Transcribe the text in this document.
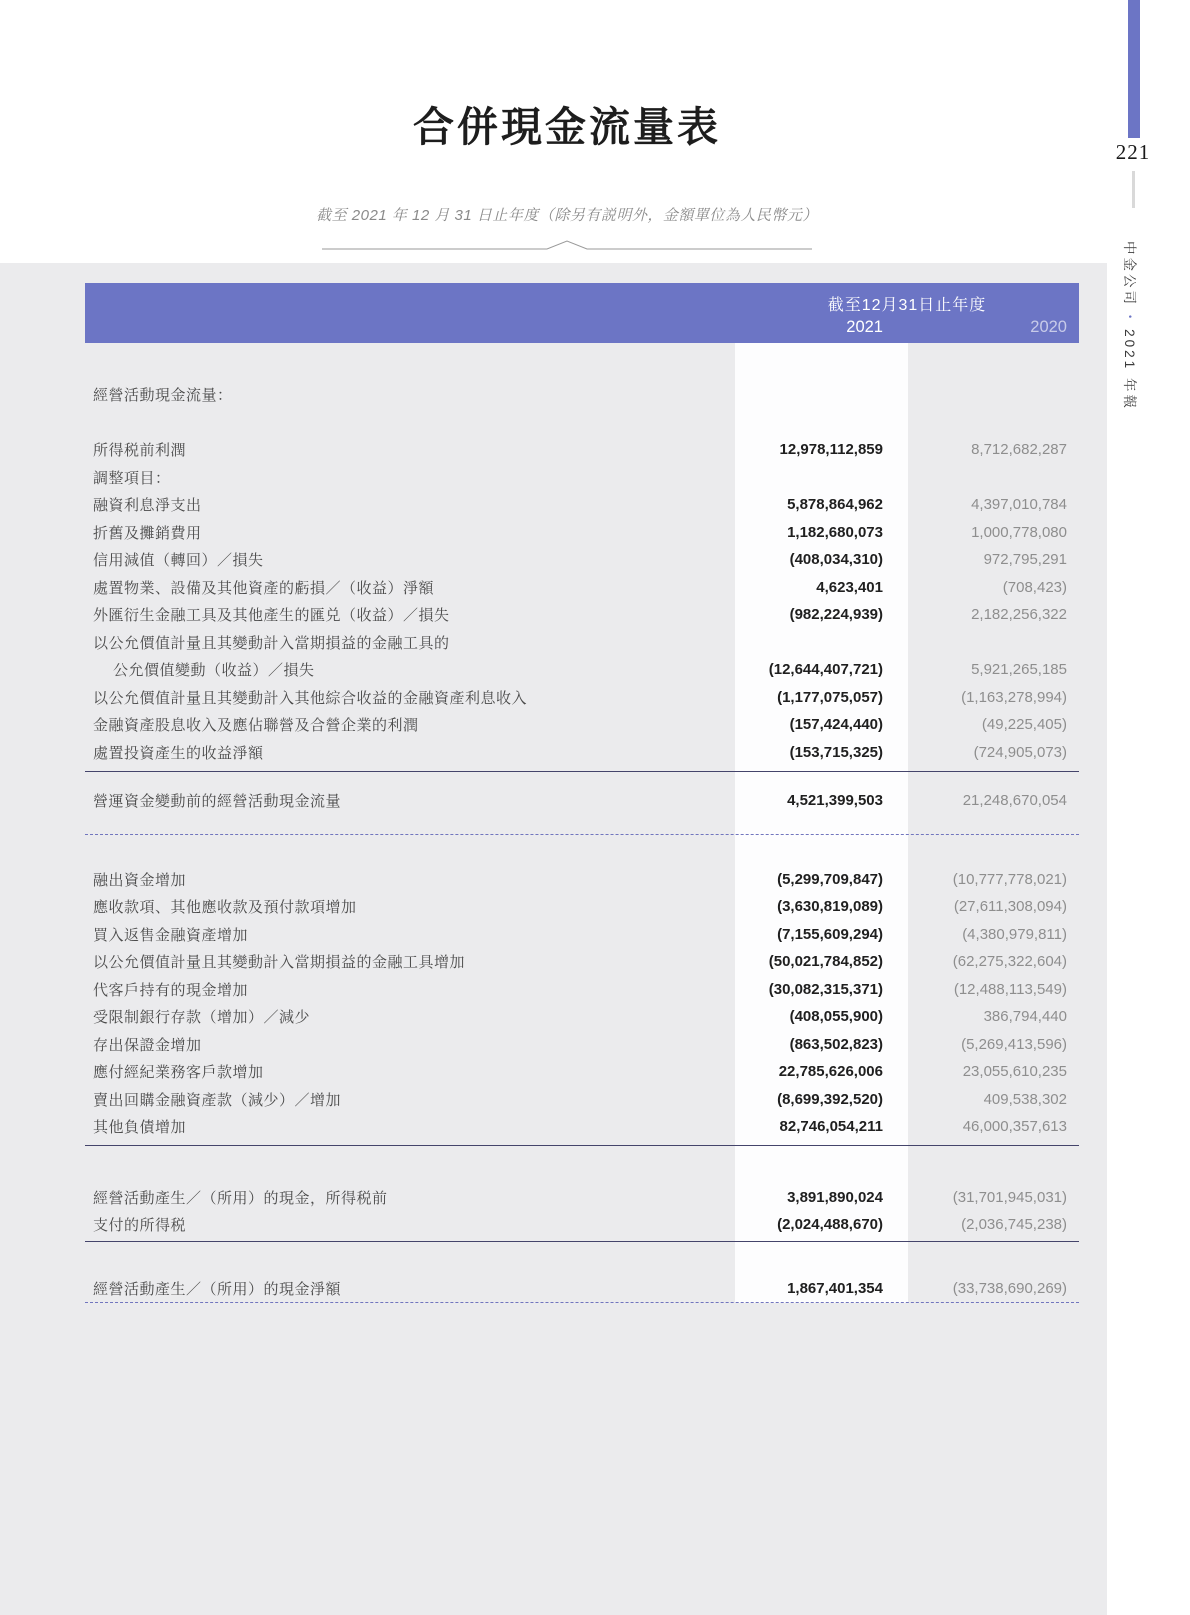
合併現金流量表
截至 2021 年 12 月 31 日止年度（除另有説明外，金額單位為人民幣元）
221
中金公司•2021 年報
截至12月31日止年度
2021	2020
經營活動現金流量：
所得税前利潤	12,978,112,859	8,712,682,287
調整項目：
融資利息淨支出	5,878,864,962	4,397,010,784
折舊及攤銷費用	1,182,680,073	1,000,778,080
信用減值（轉回）／損失	(408,034,310)	972,795,291
處置物業、設備及其他資產的虧損／（收益）淨額	4,623,401	(708,423)
外匯衍生金融工具及其他產生的匯兑（收益）／損失	(982,224,939)	2,182,256,322
以公允價值計量且其變動計入當期損益的金融工具的
公允價值變動（收益）／損失	(12,644,407,721)	5,921,265,185
以公允價值計量且其變動計入其他綜合收益的金融資產利息收入	(1,177,075,057)	(1,163,278,994)
金融資產股息收入及應佔聯營及合營企業的利潤	(157,424,440)	(49,225,405)
處置投資產生的收益淨額	(153,715,325)	(724,905,073)
營運資金變動前的經營活動現金流量	4,521,399,503	21,248,670,054
融出資金增加	(5,299,709,847)	(10,777,778,021)
應收款項、其他應收款及預付款項增加	(3,630,819,089)	(27,611,308,094)
買入返售金融資產增加	(7,155,609,294)	(4,380,979,811)
以公允價值計量且其變動計入當期損益的金融工具增加	(50,021,784,852)	(62,275,322,604)
代客戶持有的現金增加	(30,082,315,371)	(12,488,113,549)
受限制銀行存款（增加）／減少	(408,055,900)	386,794,440
存出保證金增加	(863,502,823)	(5,269,413,596)
應付經紀業務客戶款增加	22,785,626,006	23,055,610,235
賣出回購金融資產款（減少）／增加	(8,699,392,520)	409,538,302
其他負債增加	82,746,054,211	46,000,357,613
經營活動產生／（所用）的現金，所得税前	3,891,890,024	(31,701,945,031)
支付的所得税	(2,024,488,670)	(2,036,745,238)
經營活動產生／（所用）的現金淨額	1,867,401,354	(33,738,690,269)
